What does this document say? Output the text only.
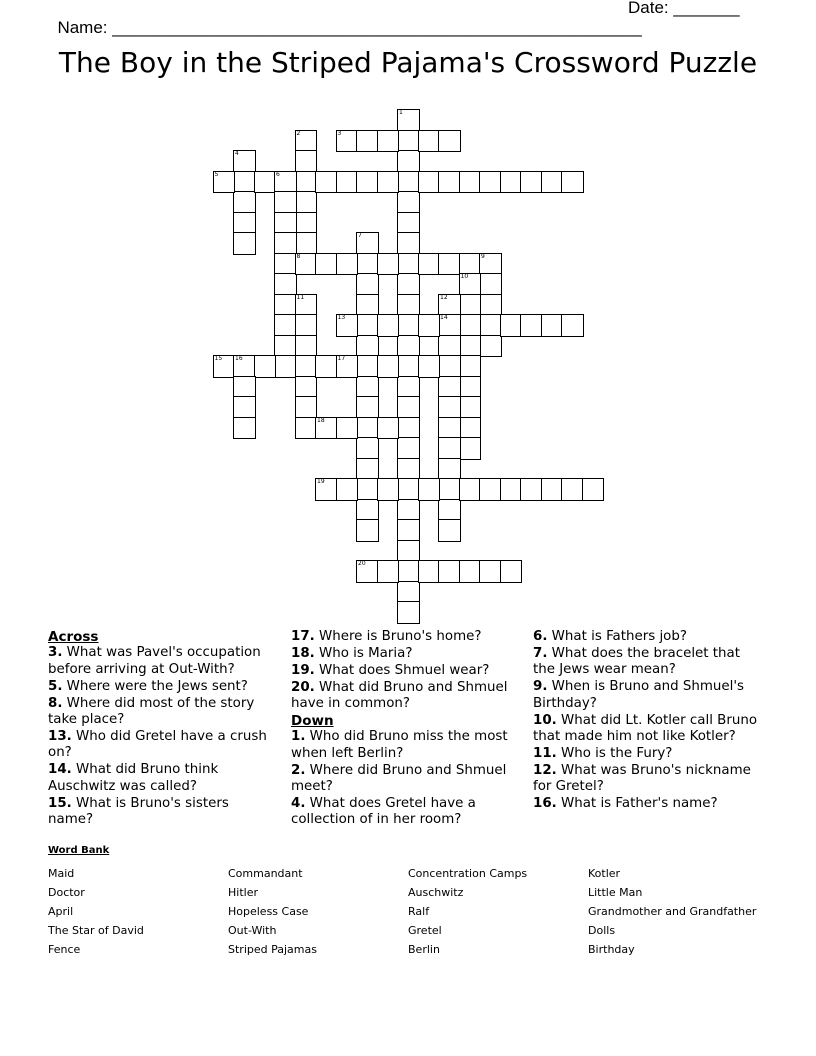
Name: ________________________________________________________

Date: _______

The Boy in the Striped Pajama's Crossword Puzzle
1
2	3
4
5	6
7
8	9
10
11	12
14
13
15 16	17
18
19
20
Across
3. What was Pavel's occupation before arriving at Out-With?
5. Where were the Jews sent?
8. Where did most of the story take place?
13. Who did Gretel have a crush on?
14. What did Bruno think Auschwitz was called?
15. What is Bruno's sisters name?
17. Where is Bruno's home?
18. Who is Maria?
19. What does Shmuel wear?
20. What did Bruno and Shmuel have in common?
Down
1. Who did Bruno miss the most when left Berlin?
2. Where did Bruno and Shmuel meet?
4. What does Gretel have a collection of in her room?
6. What is Fathers job?
7. What does the bracelet that the Jews wear mean?
9. When is Bruno and Shmuel's Birthday?
10. What did Lt. Kotler call Bruno that made him not like Kotler?
11. Who is the Fury?
12. What was Bruno's nickname for Gretel?
16. What is Father's name?
Word Bank
Maid
Doctor
April
The Star of David
Fence
Commandant
Hitler
Hopeless Case
Out-With
Striped Pajamas
Concentration Camps
Auschwitz
Ralf
Gretel
Berlin
Kotler
Little Man
Grandmother and Grandfather
Dolls
Birthday
